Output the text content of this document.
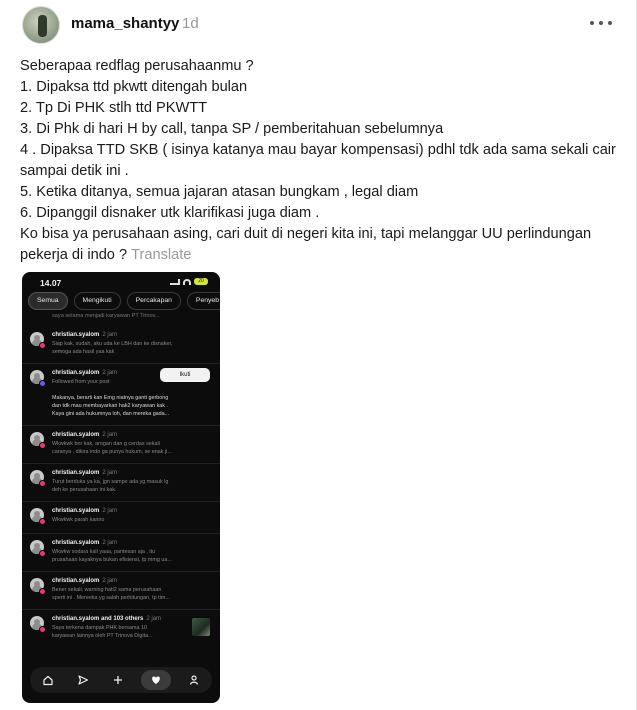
mama_shantyy 1d

Seberapaa redflag perusahaanmu ?

1. Dipaksa ttd pkwtt ditengah bulan

2. Tp Di PHK stlh ttd PKWTT

3. Di Phk di hari H by call, tanpa SP / pemberitahuan sebelumnya

4 . Dipaksa TTD SKB ( isinya katanya mau bayar kompensasi) pdhl tdk ada sama sekali cair sampai detik ini .

5. Ketika ditanya, semua jajaran atasan bungkam , legal diam

6. Dipanggil disnaker utk klarifikasi juga diam .

Ko bisa ya perusahaan asing, cari duit di negeri kita ini, tapi melanggar UU perlindungan pekerja di indo ? Translate

14.07	20
Semua	Mengikuti	Percakapan	Penyeb
saya selama menjadi karyawan PT Trinov...
christian.syalom 2 jam
Siap kak, sudah, aku uda ke LBH dan ke disnaker,
semoga ada hasil yaa kak
christian.syalom 2 jam	Ikuti
Followed from your post
Makanya, berarti kan Emg niatnya ganti gerbong
dan tdk mau membayarkan hak2 karyawan kak .
Kaya gini ada hukumnya loh, dan mereka gada...
christian.syalom 2 jam
Wkwkwk bnr kak, arogan dan g cerdas sekali
caranya , dikira indo ga punya hukum, se enak ji...
christian.syalom 2 jam
Turut berduka ya ka, jgn sampe ada yg masuk lg
deh ke perusahaan ini kak.
christian.syalom 2 jam
Wkwkwk parah kanno
christian.syalom 2 jam
Wkwkw sodara kali yaaa, pantesan aja , itu
prusahaan kayaknya bukan efisiensi, tp mmg ua...
christian.syalom 2 jam
Bener sekali, warning hati2 sama perusahaan
sperti ini . Mereeka yg salah perhitungan, tp tim...
christian.syalom and 103 others 2 jam
Saya terkena dampak PHK bersama 10
karyawan lainnya oleh PT Trinova Digita...
